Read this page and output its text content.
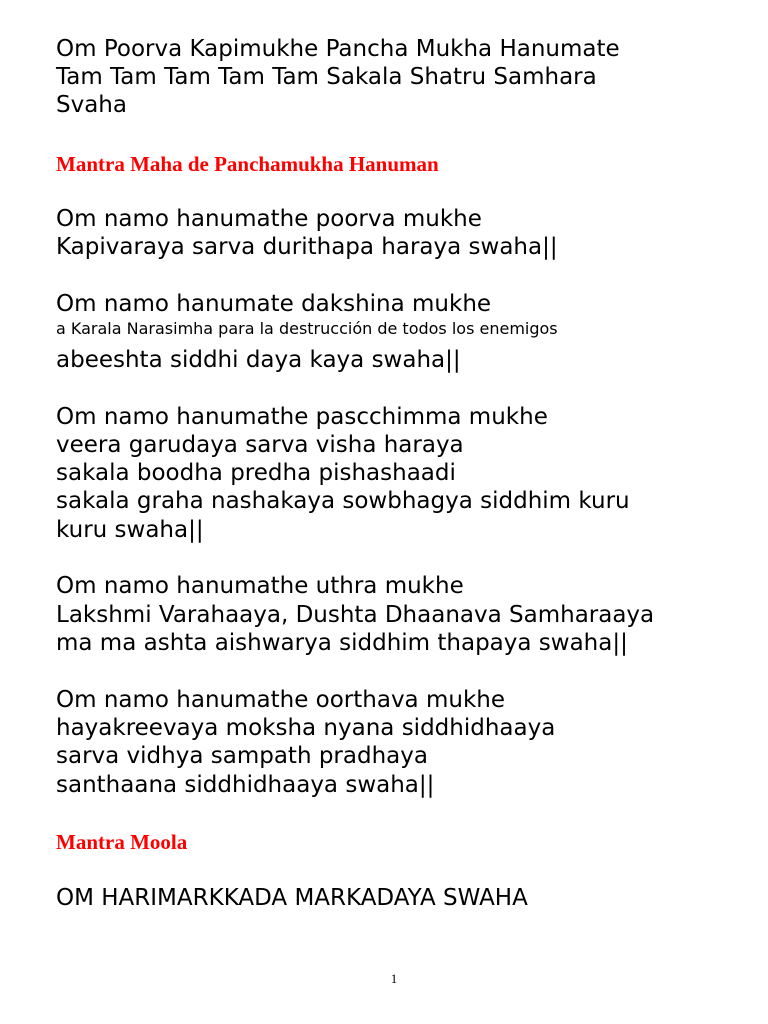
Om Poorva Kapimukhe Pancha Mukha Hanumate

Tam Tam Tam Tam Tam Sakala Shatru Samhara

Svaha

Mantra Maha de Panchamukha Hanuman

Om namo hanumathe poorva mukhe

Kapivaraya sarva durithapa haraya swaha||

Om namo hanumate dakshina mukhe

a Karala Narasimha para la destrucción de todos los enemigos

abeeshta siddhi daya kaya swaha||

Om namo hanumathe pascchimma mukhe

veera garudaya sarva visha haraya

sakala boodha predha pishashaadi

sakala graha nashakaya sowbhagya siddhim kuru

kuru swaha||

Om namo hanumathe uthra mukhe

Lakshmi Varahaaya, Dushta Dhaanava Samharaaya

ma ma ashta aishwarya siddhim thapaya swaha||

Om namo hanumathe oorthava mukhe

hayakreevaya moksha nyana siddhidhaaya

sarva vidhya sampath pradhaya

santhaana siddhidhaaya swaha||

Mantra Moola

OM HARIMARKKADA MARKADAYA SWAHA

1
